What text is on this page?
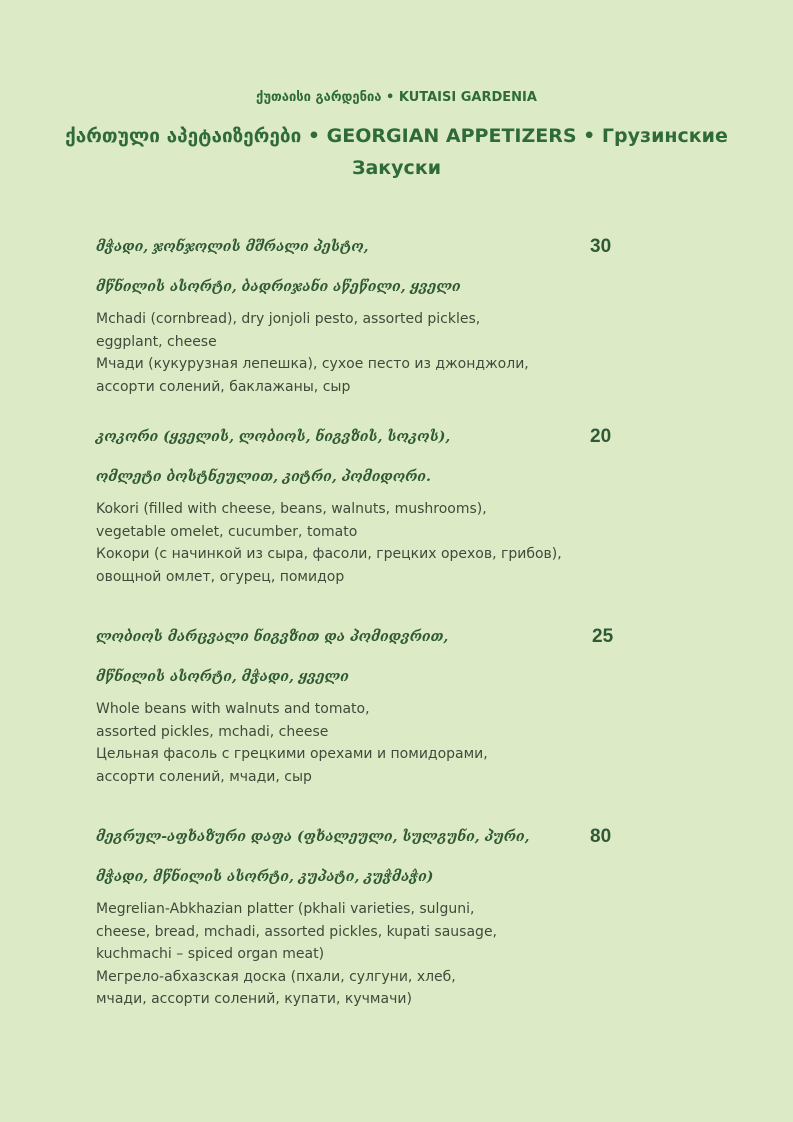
ქუთაისი გარდენია • KUTAISI GARDENIA
ქართული აპეტაიზერები • GEORGIAN APPETIZERS • Грузинские Закуски
მჭადი, ჯონჯოლის მშრალი პესტო,
მწნილის ასორტი, ბადრიჯანი აწეწილი, ყველი
Mchadi (cornbread), dry jonjoli pesto, assorted pickles,
eggplant, cheese
Мчади (кукурузная лепешка), сухое песто из джонджоли,
ассорти солений, баклажаны, сыр
30
კოკორი (ყველის, ლობიოს, ნიგვზის, სოკოს),
ომლეტი ბოსტნეულით, კიტრი, პომიდორი.
Kokori (filled with cheese, beans, walnuts, mushrooms),
vegetable omelet, cucumber, tomato
Кокори (с начинкой из сыра, фасоли, грецких орехов, грибов),
овощной омлет, огурец, помидор
20
ლობიოს მარცვალი ნიგვზით და პომიდვრით,
მწნილის ასორტი, მჭადი, ყველი
Whole beans with walnuts and tomato,
assorted pickles, mchadi, cheese
Цельная фасоль с грецкими орехами и помидорами,
ассорти солений, мчади, сыр
25
მეგრულ-აფხაზური დაფა (ფხალეული, სულგუნი, პური,
მჭადი, მწნილის ასორტი, კუპატი, კუჭმაჭი)
Megrelian-Abkhazian platter (pkhali varieties, sulguni,
cheese, bread, mchadi, assorted pickles, kupati sausage,
kuchmachi – spiced organ meat)
Мегрело-абхазская доска (пхали, сулгуни, хлеб,
мчади, ассорти солений, купати, кучмачи)
80
